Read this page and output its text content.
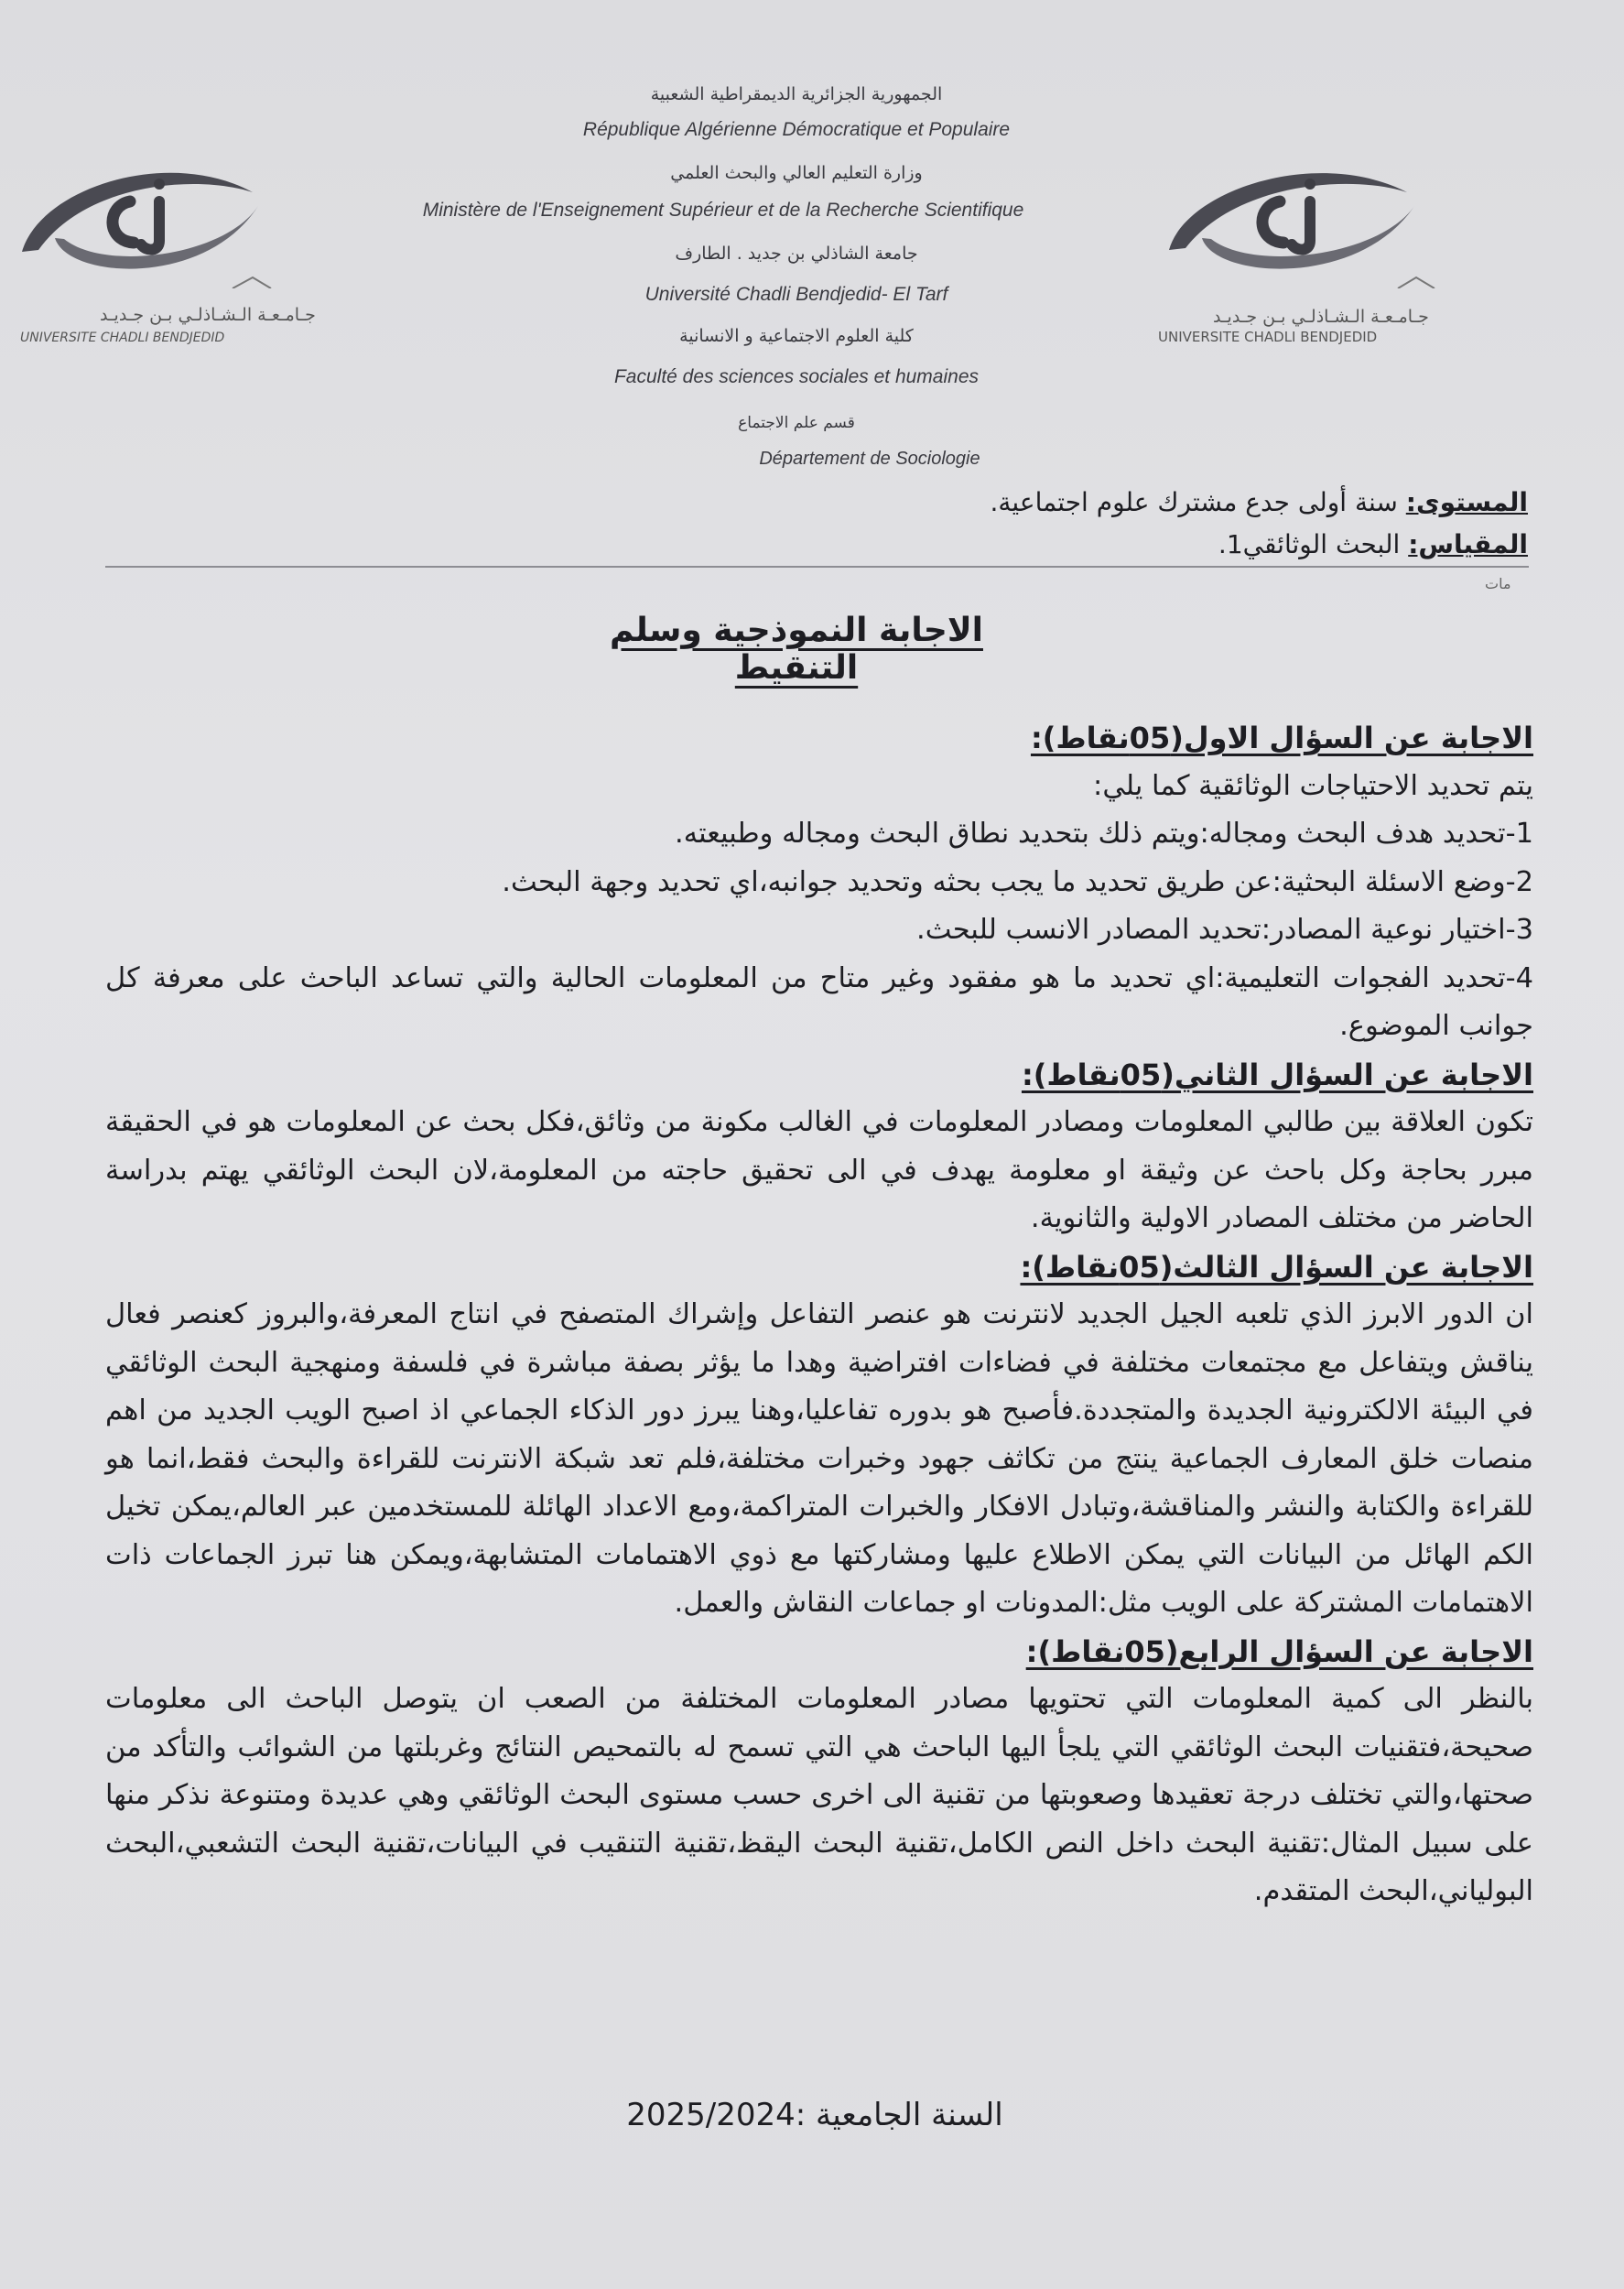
جـامـعـة الـشـاذلـي بـن جـديـد
UNIVERSITE CHADLI BENDJEDID
جـامـعـة الـشـاذلـي بـن جـديـد
UNIVERSITE CHADLI BENDJEDID
الجمهورية الجزائرية الديمقراطية الشعبية
République Algérienne Démocratique et Populaire
وزارة التعليم العالي والبحث العلمي
Ministère de l'Enseignement Supérieur et de la Recherche Scientifique
جامعة الشاذلي بن جديد . الطارف
Université Chadli Bendjedid- El Tarf
كلية العلوم الاجتماعية و الانسانية
Faculté des sciences sociales et humaines
قسم علم الاجتماع
Département de Sociologie
المستوى: سنة أولى جدع مشترك علوم اجتماعية.
المقياس: البحث الوثائقي1.
مات
الاجابة النموذجية وسلم التنقيط
الاجابة عن السؤال الاول(05نقاط):

يتم تحديد الاحتياجات الوثائقية كما يلي:

1-تحديد هدف البحث ومجاله:ويتم ذلك بتحديد نطاق البحث ومجاله وطبيعته.

2-وضع الاسئلة البحثية:عن طريق تحديد ما يجب بحثه وتحديد جوانبه،اي تحديد وجهة البحث.

3-اختيار نوعية المصادر:تحديد المصادر الانسب للبحث.

4-تحديد الفجوات التعليمية:اي تحديد ما هو مفقود وغير متاح من المعلومات الحالية والتي تساعد الباحث على معرفة كل جوانب الموضوع.

الاجابة عن السؤال الثاني(05نقاط):

تكون العلاقة بين طالبي المعلومات ومصادر المعلومات في الغالب مكونة من وثائق،فكل بحث عن المعلومات هو في الحقيقة مبرر بحاجة وكل باحث عن وثيقة او معلومة يهدف في الى تحقيق حاجته من المعلومة،لان البحث الوثائقي يهتم بدراسة الحاضر من مختلف المصادر الاولية والثانوية.

الاجابة عن السؤال الثالث(05نقاط):

ان الدور الابرز الذي تلعبه الجيل الجديد لانترنت هو عنصر التفاعل وإشراك المتصفح في انتاج المعرفة،والبروز كعنصر فعال يناقش ويتفاعل مع مجتمعات مختلفة في فضاءات افتراضية وهدا ما يؤثر بصفة مباشرة في فلسفة ومنهجية البحث الوثائقي في البيئة الالكترونية الجديدة والمتجددة.فأصبح هو بدوره تفاعليا،وهنا يبرز دور الذكاء الجماعي اذ اصبح الويب الجديد من اهم منصات خلق المعارف الجماعية ينتج من تكاثف جهود وخبرات مختلفة،فلم تعد شبكة الانترنت للقراءة والبحث فقط،انما هو للقراءة والكتابة والنشر والمناقشة،وتبادل الافكار والخبرات المتراكمة،ومع الاعداد الهائلة للمستخدمين عبر العالم،يمكن تخيل الكم الهائل من البيانات التي يمكن الاطلاع عليها ومشاركتها مع ذوي الاهتمامات المتشابهة،ويمكن هنا تبرز الجماعات ذات الاهتمامات المشتركة على الويب مثل:المدونات او جماعات النقاش والعمل.

الاجابة عن السؤال الرابع(05نقاط):

بالنظر الى كمية المعلومات التي تحتويها مصادر المعلومات المختلفة من الصعب ان يتوصل الباحث الى معلومات صحيحة،فتقنيات البحث الوثائقي التي يلجأ اليها الباحث هي التي تسمح له بالتمحيص النتائج وغربلتها من الشوائب والتأكد من صحتها،والتي تختلف درجة تعقيدها وصعوبتها من تقنية الى اخرى حسب مستوى البحث الوثائقي وهي عديدة ومتنوعة نذكر منها على سبيل المثال:تقنية البحث داخل النص الكامل،تقنية البحث اليقظ،تقنية التنقيب في البيانات،تقنية البحث التشعبي،البحث البولياني،البحث المتقدم.

السنة الجامعية :2025/2024
